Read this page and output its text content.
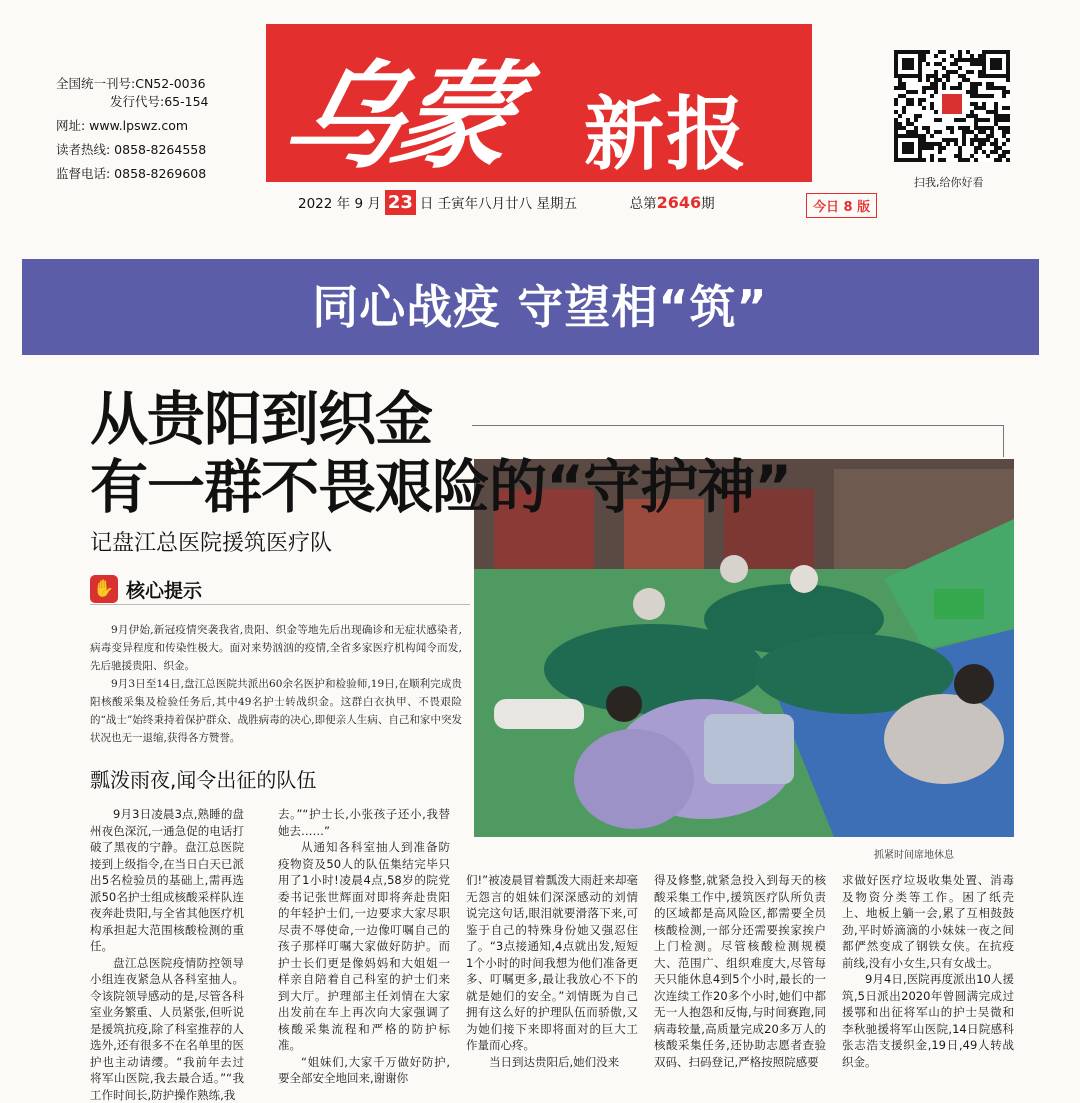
全国统一刊号:CN52-0036
发行代号:65-154
网址: www.lpswz.com
读者热线: 0858-8264558
监督电话: 0858-8269608 乌蒙 新报
扫我,给你好看
2022 年 9 月 23 日 壬寅年八月廿八 星期五	总第2646期	今日 8 版
同心战疫 守望相“筑”
从贵阳到织金
有一群不畏艰险的“守护神”
记盘江总医院援筑医疗队
✋ 核心提示

9月伊始,新冠疫情突袭我省,贵阳、织金等地先后出现确诊和无症状感染者,病毒变异程度和传染性极大。面对来势汹汹的疫情,全省多家医疗机构闻令而发,先后驰援贵阳、织金。

9月3日至14日,盘江总医院共派出60余名医护和检验师,19日,在顺利完成贵阳核酸采集及检验任务后,其中49名护士转战织金。这群白衣执甲、不畏艰险的“战士”始终秉持着保护群众、战胜病毒的决心,即便亲人生病、自己和家中突发状况也无一退缩,获得各方赞誉。

瓢泼雨夜,闻令出征的队伍
抓紧时间席地休息

9月3日凌晨3点,熟睡的盘州夜色深沉,一通急促的电话打破了黑夜的宁静。盘江总医院接到上级指令,在当日白天已派出5名检验员的基础上,需再选派50名护士组成核酸采样队连夜奔赴贵阳,与全省其他医疗机构承担起大范围核酸检测的重任。

盘江总医院疫情防控领导小组连夜紧急从各科室抽人。令该院领导感动的是,尽管各科室业务繁重、人员紧张,但听说是援筑抗疫,除了科室推荐的人选外,还有很多不在名单里的医护也主动请缨。“我前年去过将军山医院,我去最合适。”“我工作时间长,防护操作熟练,我

去。”“护士长,小张孩子还小,我替她去……”

从通知各科室抽人到准备防疫物资及50人的队伍集结完毕只用了1小时!凌晨4点,58岁的院党委书记张世辉面对即将奔赴贵阳的年轻护士们,一边要求大家尽职尽责不辱使命,一边像叮嘱自己的孩子那样叮嘱大家做好防护。而护士长们更是像妈妈和大姐姐一样亲自陪着自己科室的护士们来到大厅。护理部主任刘情在大家出发前在车上再次向大家强调了核酸采集流程和严格的防护标准。

“姐妹们,大家千万做好防护,要全部安全地回来,谢谢你

们!”被凌晨冒着瓢泼大雨赶来却毫无怨言的姐妹们深深感动的刘情说完这句话,眼泪就要滑落下来,可鉴于自己的特殊身份她又强忍住了。“3点接通知,4点就出发,短短1个小时的时间我想为他们准备更多、叮嘱更多,最让我放心不下的就是她们的安全。”刘情既为自己拥有这么好的护理队伍而骄傲,又为她们接下来即将面对的巨大工作量而心疼。

当日到达贵阳后,她们没来

得及修整,就紧急投入到每天的核酸采集工作中,援筑医疗队所负责的区域都是高风险区,都需要全员核酸检测,一部分还需要挨家挨户上门检测。尽管核酸检测规模大、范围广、组织难度大,尽管每天只能休息4到5个小时,最长的一次连续工作20多个小时,她们中都无一人抱怨和反悔,与时间赛跑,同病毒较量,高质量完成20多万人的核酸采集任务,还协助志愿者查验双码、扫码登记,严格按照院感要

求做好医疗垃圾收集处置、消毒及物资分类等工作。困了纸壳上、地板上躺一会,累了互相鼓鼓劲,平时娇滴滴的小妹妹一夜之间都俨然变成了钢铁女侠。在抗疫前线,没有小女生,只有女战士。

9月4日,医院再度派出10人援筑,5日派出2020年曾圆满完成过援鄂和出征将军山的护士吴微和李秋驰援将军山医院,14日院感科张志浩支援织金,19日,49人转战织金。
